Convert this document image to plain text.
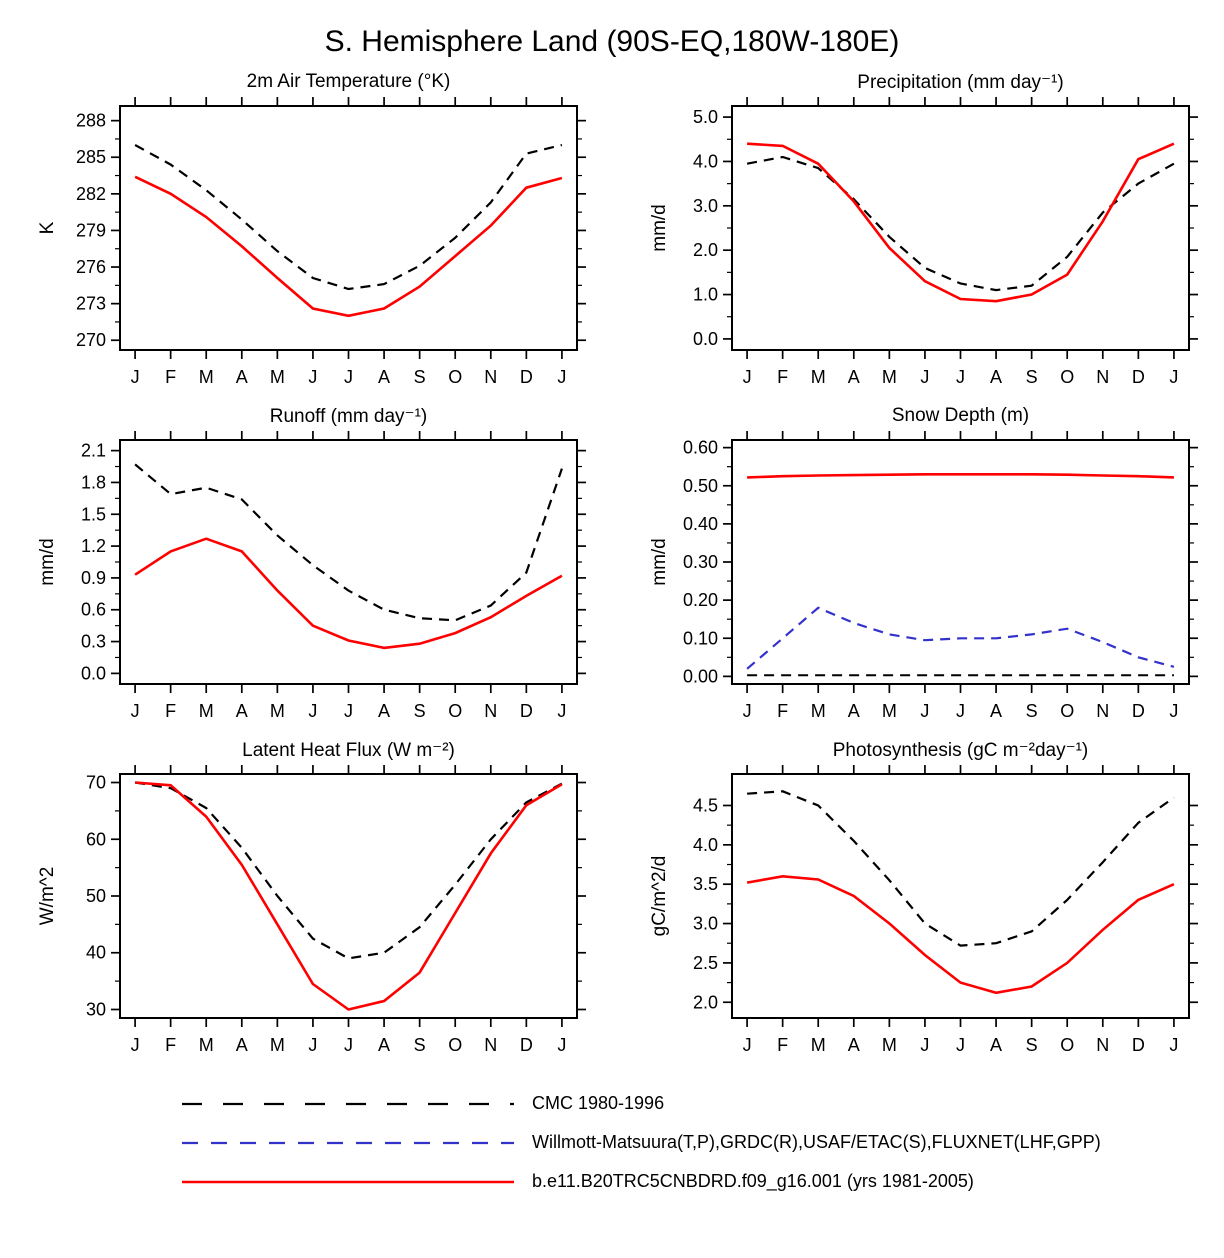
S. Hemisphere Land (90S-EQ,180W-180E)
2m Air Temperature (°K)
K
270
273
276
279
282
285
288
J F M A M J J A S O N D J
Precipitation (mm day⁻¹)
mm/d
0.0
1.0
2.0
3.0
4.0
5.0
J F M A M J J A S O N D J
Runoff (mm day⁻¹)
mm/d
0.0
0.3
0.6
0.9
1.2
1.5
1.8
2.1
J F M A M J J A S O N D J
Snow Depth (m)
mm/d
0.00
0.10
0.20
0.30
0.40
0.50
0.60
J F M A M J J A S O N D J
Latent Heat Flux (W m⁻²)
W/m^2
30
40
50
60
70
J F M A M J J A S O N D J
Photosynthesis (gC m⁻²day⁻¹)
gC/m^2/d
2.0
2.5
3.0
3.5
4.0
4.5
J F M A M J J A S O N D J
CMC 1980-1996
Willmott-Matsuura(T,P),GRDC(R),USAF/ETAC(S),FLUXNET(LHF,GPP)
b.e11.B20TRC5CNBDRD.f09_g16.001 (yrs 1981-2005)
